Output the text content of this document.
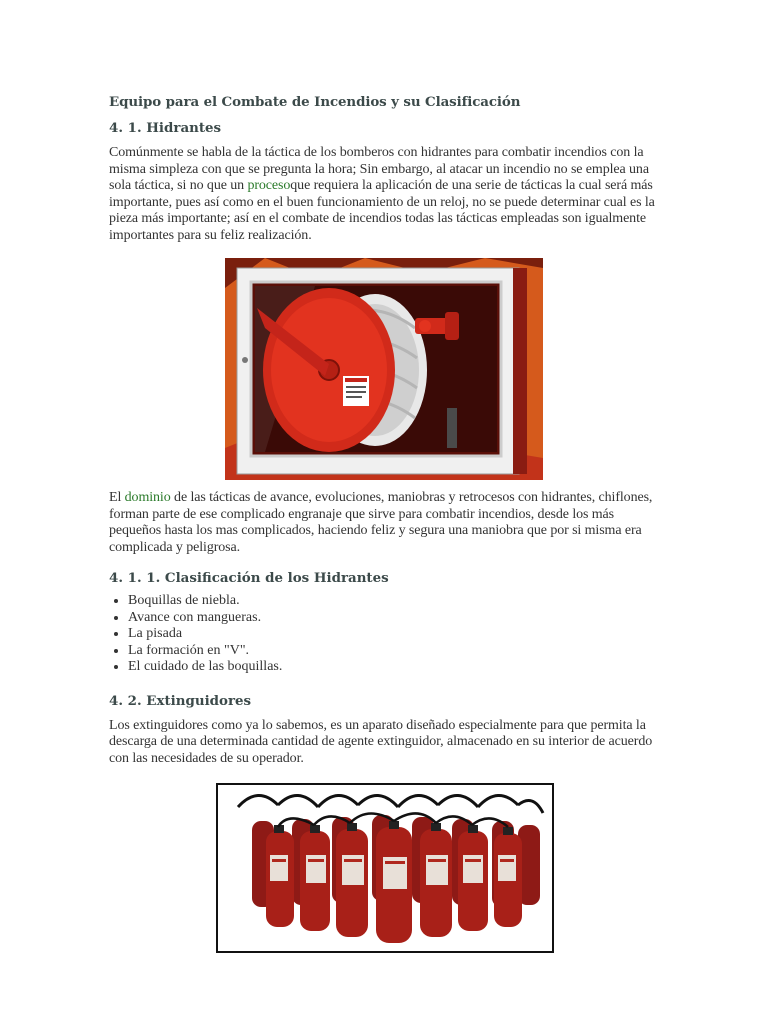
Equipo para el Combate de Incendios y su Clasificación
4. 1. Hidrantes

Comúnmente se habla de la táctica de los bomberos con hidrantes para combatir incendios con la misma simpleza con que se pregunta la hora; Sin embargo, al atacar un incendio no se emplea una sola táctica, si no que un procesoque requiera la aplicación de una serie de tácticas la cual será más importante, pues así como en el buen funcionamiento de un reloj, no se puede determinar cual es la pieza más importante; así en el combate de incendios todas las tácticas empleadas son igualmente importantes para su feliz realización.

El dominio de las tácticas de avance, evoluciones, maniobras y retrocesos con hidrantes, chiflones, forman parte de ese complicado engranaje que sirve para combatir incendios, desde los más pequeños hasta los mas complicados, haciendo feliz y segura una maniobra que por si misma era complicada y peligrosa.

4. 1. 1. Clasificación de los Hidrantes
• Boquillas de niebla.
• Avance con mangueras.
• La pisada
• La formación en "V".
• El cuidado de las boquillas.
4. 2. Extinguidores

Los extinguidores como ya lo sabemos, es un aparato diseñado especialmente para que permita la descarga de una determinada cantidad de agente extinguidor, almacenado en su interior de acuerdo con las necesidades de su operador.
